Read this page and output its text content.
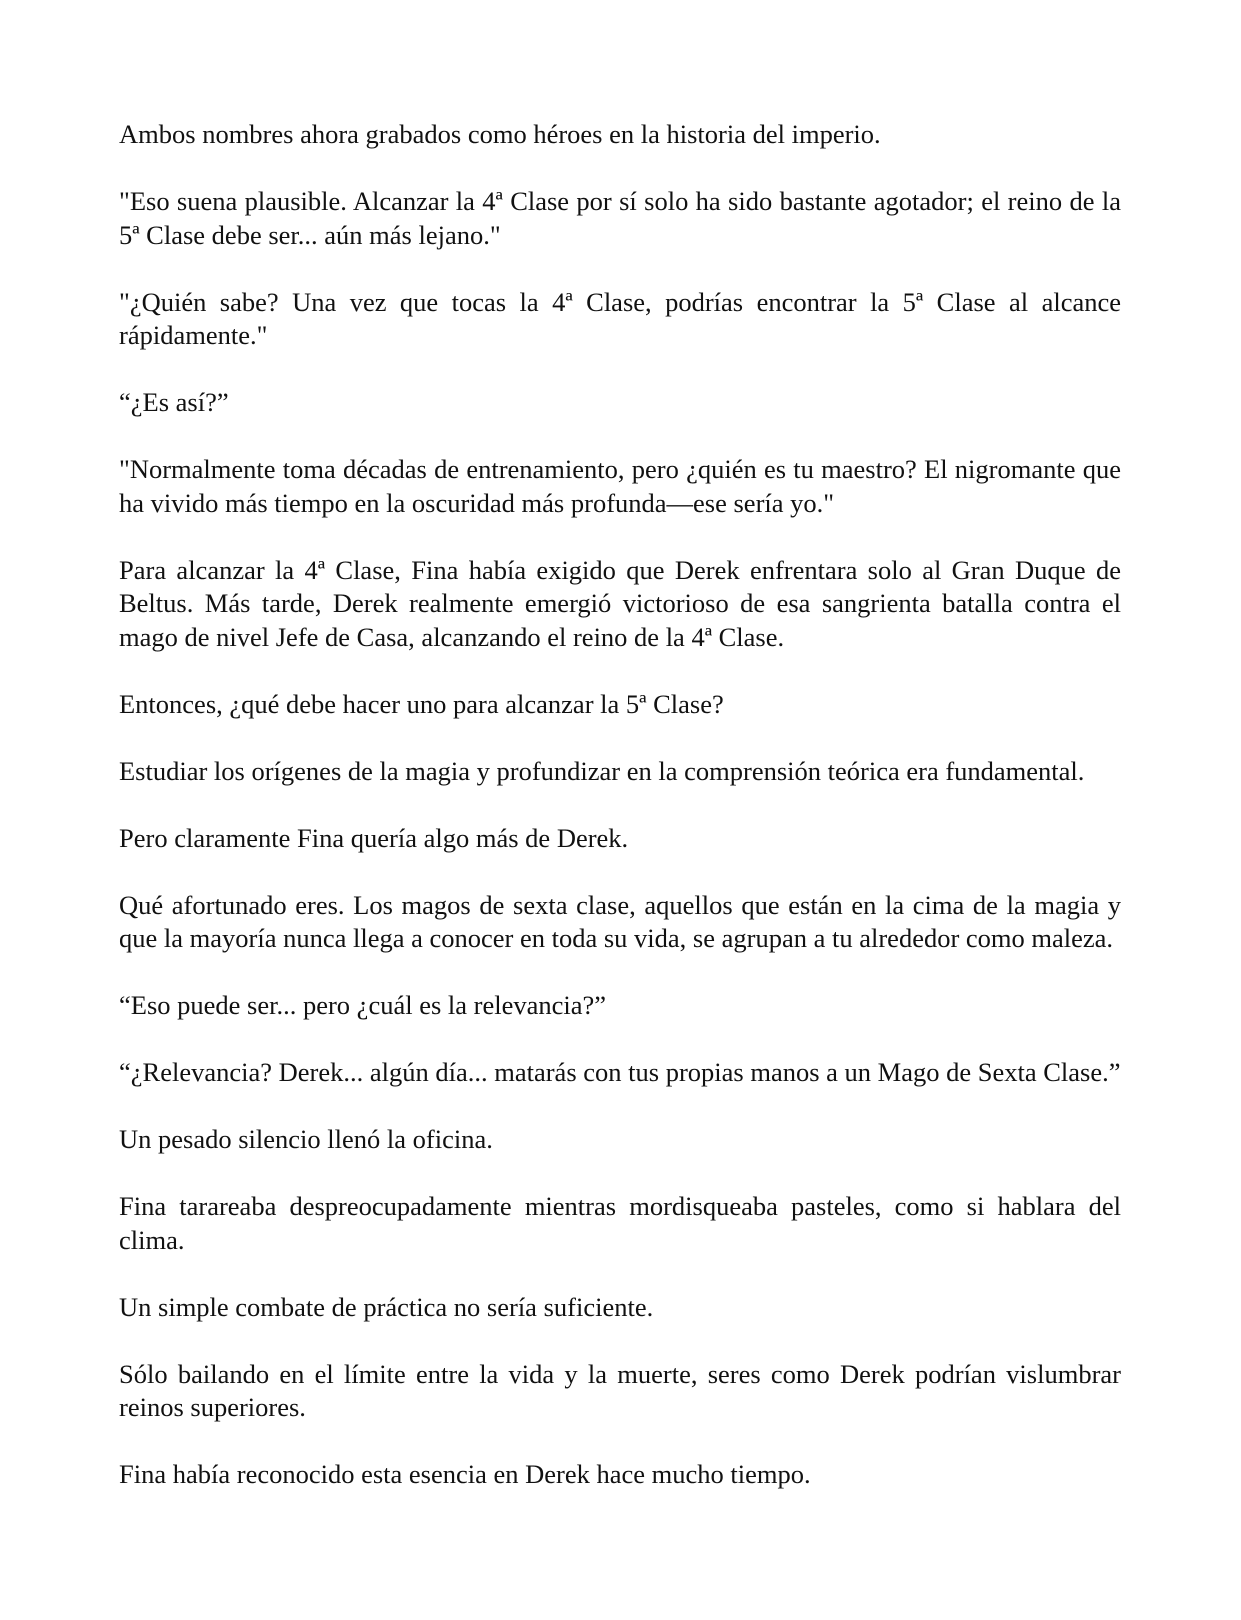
Ambos nombres ahora grabados como héroes en la historia del imperio.

"Eso suena plausible. Alcanzar la 4ª Clase por sí solo ha sido bastante agotador; el reino de la 5ª Clase debe ser... aún más lejano."

"¿Quién sabe? Una vez que tocas la 4ª Clase, podrías encontrar la 5ª Clase al alcance rápidamente."

“¿Es así?”

"Normalmente toma décadas de entrenamiento, pero ¿quién es tu maestro? El nigromante que ha vivido más tiempo en la oscuridad más profunda—ese sería yo."

Para alcanzar la 4ª Clase, Fina había exigido que Derek enfrentara solo al Gran Duque de Beltus. Más tarde, Derek realmente emergió victorioso de esa sangrienta batalla contra el mago de nivel Jefe de Casa, alcanzando el reino de la 4ª Clase.

Entonces, ¿qué debe hacer uno para alcanzar la 5ª Clase?

Estudiar los orígenes de la magia y profundizar en la comprensión teórica era fundamental.

Pero claramente Fina quería algo más de Derek.

Qué afortunado eres. Los magos de sexta clase, aquellos que están en la cima de la magia y que la mayoría nunca llega a conocer en toda su vida, se agrupan a tu alrededor como maleza.

“Eso puede ser... pero ¿cuál es la relevancia?”

“¿Relevancia? Derek... algún día... matarás con tus propias manos a un Mago de Sexta Clase.”

Un pesado silencio llenó la oficina.

Fina tarareaba despreocupadamente mientras mordisqueaba pasteles, como si hablara del clima.

Un simple combate de práctica no sería suficiente.

Sólo bailando en el límite entre la vida y la muerte, seres como Derek podrían vislumbrar reinos superiores.

Fina había reconocido esta esencia en Derek hace mucho tiempo.
